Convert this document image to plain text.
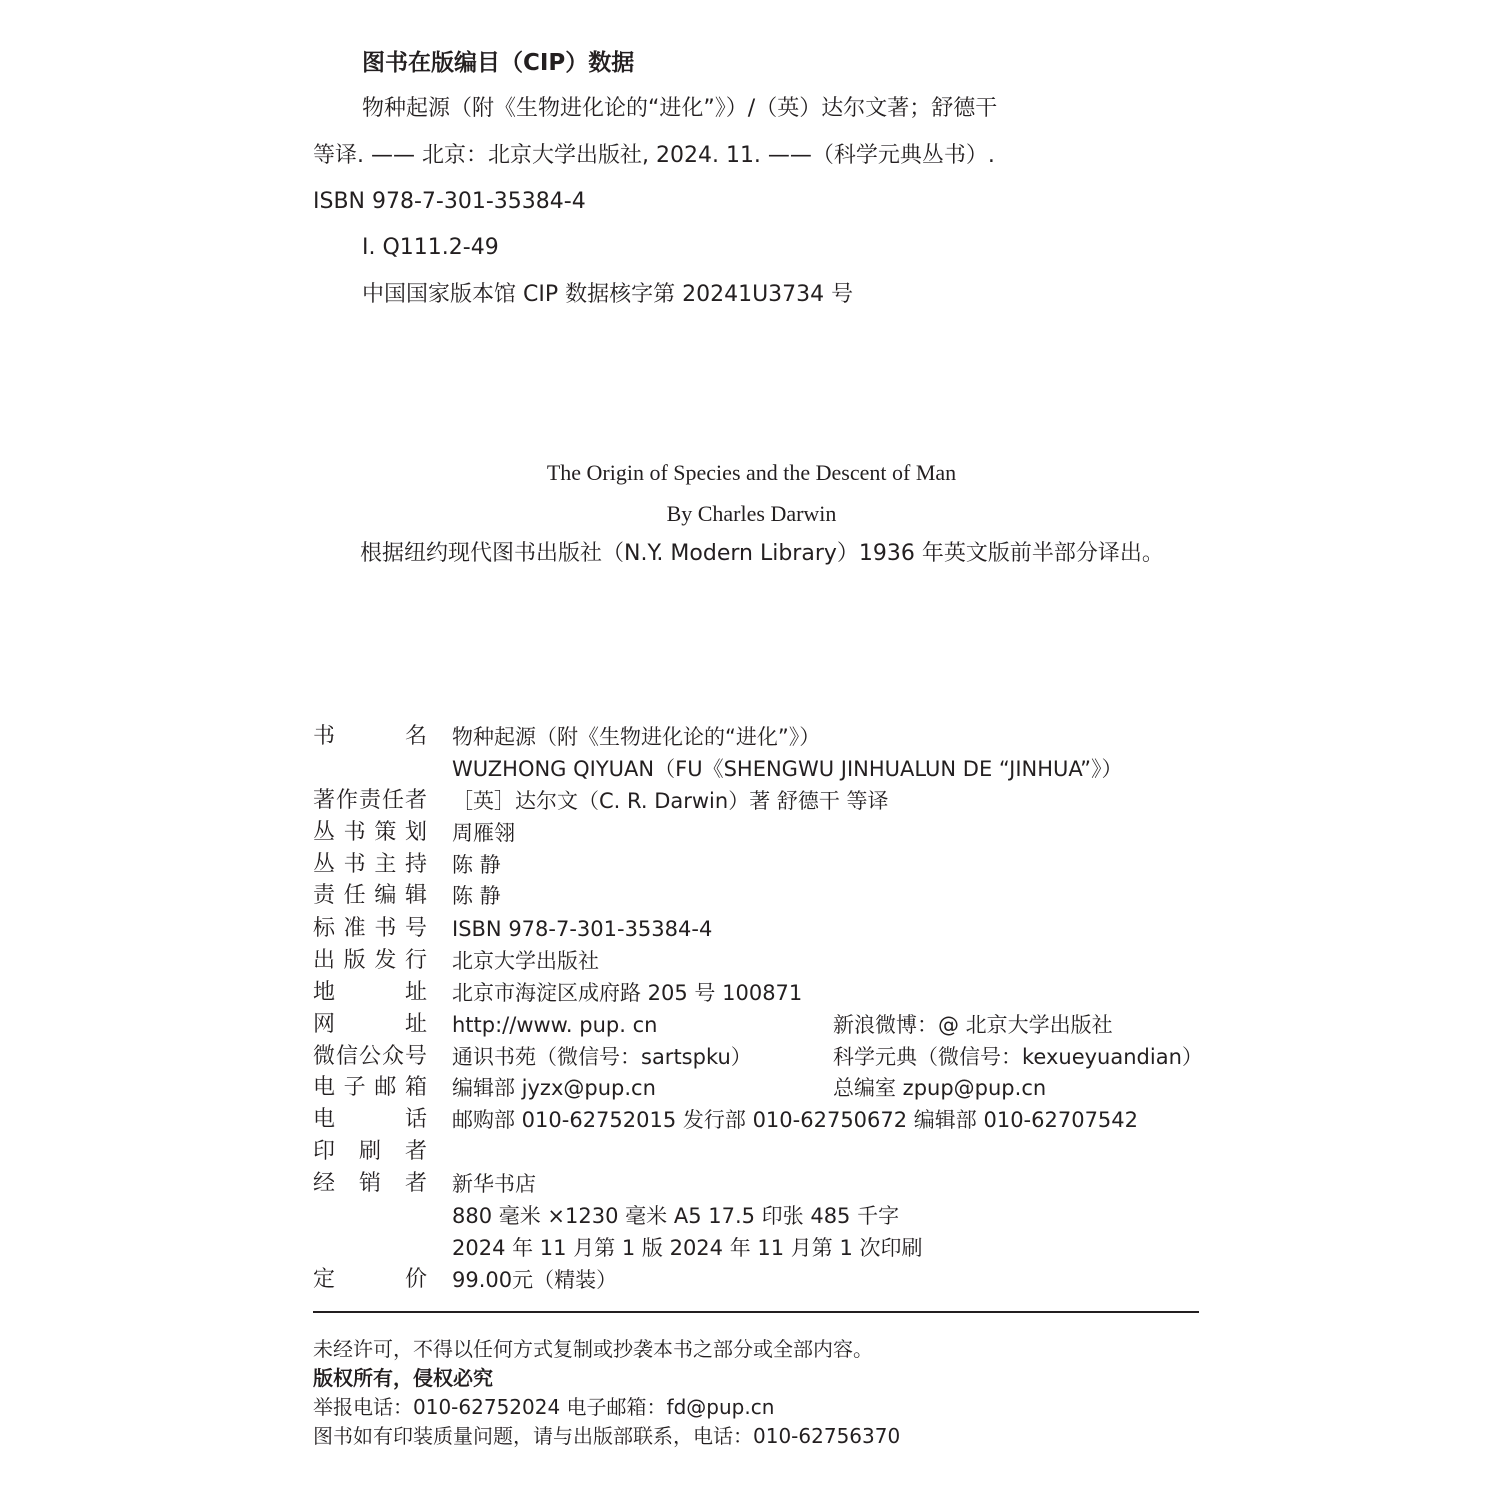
图书在版编目（CIP）数据
物种起源（附《生物进化论的“进化”》）/（英）达尔文著；舒德干
等译. —— 北京：北京大学出版社, 2024. 11. ——（科学元典丛书）.
ISBN 978-7-301-35384-4
Ⅰ. Q111.2-49
中国国家版本馆 CIP 数据核字第 20241U3734 号
The Origin of Species and the Descent of Man
By Charles Darwin
根据纽约现代图书出版社（N.Y. Modern Library）1936 年英文版前半部分译出。
书	名 物种起源（附《生物进化论的“进化”》）
WUZHONG QIYUAN（FU《SHENGWU JINHUALUN DE “JINHUA”》）
著 作 责 任 者 ［英］达尔文（C. R. Darwin）著 舒德干 等译
丛 书 策 划 周雁翎
丛 书 主 持 陈 静
责 任 编 辑 陈 静
标 准 书 号 ISBN 978-7-301-35384-4
出 版 发 行 北京大学出版社
地	址 北京市海淀区成府路 205 号 100871
网	址 http://www. pup. cn	新浪微博：@ 北京大学出版社
微 信 公 众 号 通识书苑（微信号：sartspku）	科学元典（微信号：kexueyuandian）
电 子 邮 箱 编辑部 jyzx@pup.cn	总编室 zpup@pup.cn
电	话 邮购部 010-62752015 发行部 010-62750672 编辑部 010-62707542
印 刷 者
经 销 者 新华书店
880 毫米 ×1230 毫米 A5 17.5 印张 485 千字
2024 年 11 月第 1 版 2024 年 11 月第 1 次印刷
定	价 99.00元（精装）
未经许可，不得以任何方式复制或抄袭本书之部分或全部内容。
版权所有，侵权必究
举报电话：010-62752024 电子邮箱：fd@pup.cn
图书如有印装质量问题，请与出版部联系，电话：010-62756370
